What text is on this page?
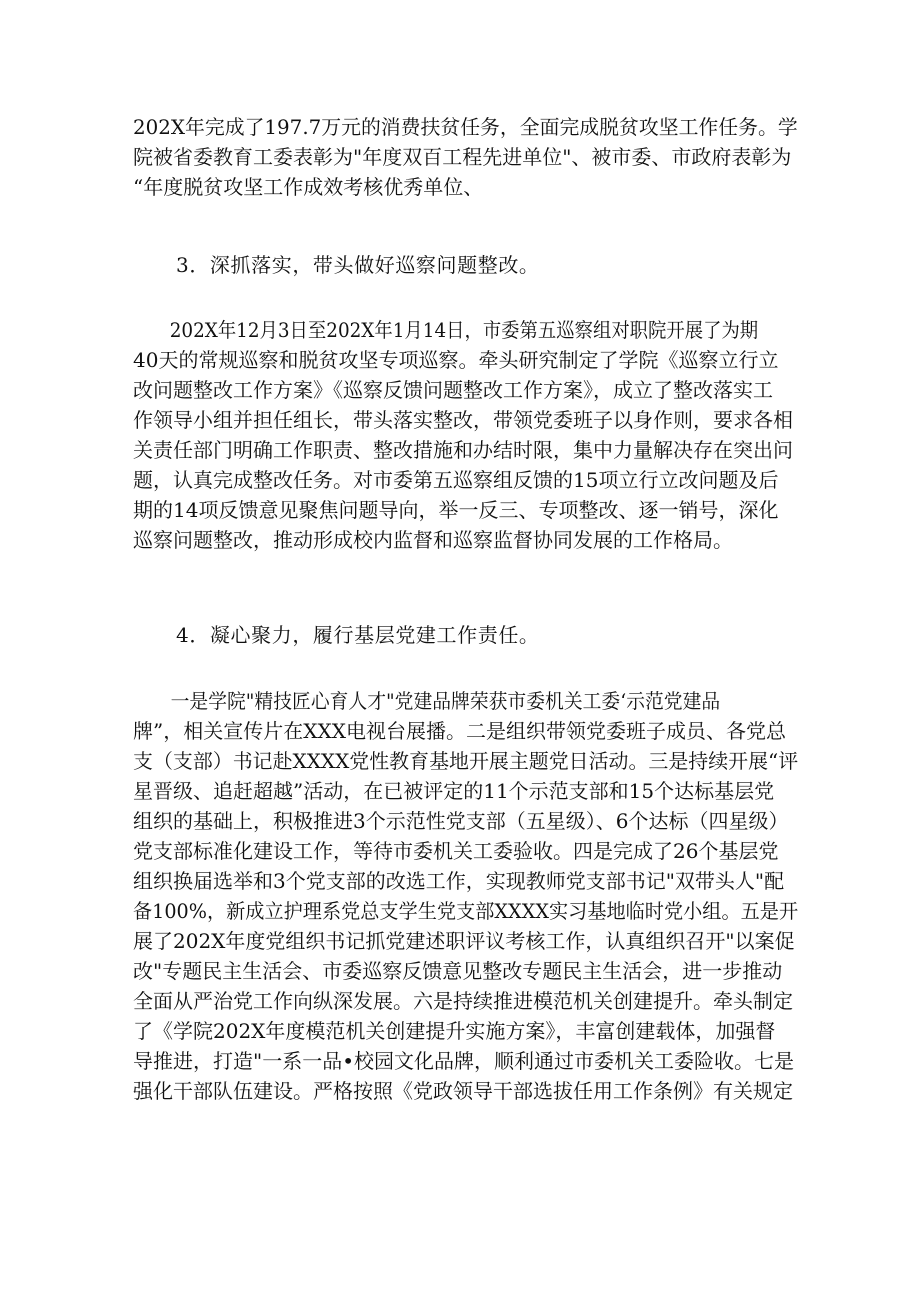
202X年完成了197.7万元的消费扶贫任务，全面完成脱贫攻坚工作任务。学
院被省委教育工委表彰为"年度双百工程先进单位"、被市委、市政府表彰为
“年度脱贫攻坚工作成效考核优秀单位、
3．深抓落实，带头做好巡察问题整改。
202X年12月3日至202X年1月14日，市委第五巡察组对职院开展了为期
40天的常规巡察和脱贫攻坚专项巡察。牵头研究制定了学院《巡察立行立
改问题整改工作方案》《巡察反馈问题整改工作方案》，成立了整改落实工
作领导小组并担任组长，带头落实整改，带领党委班子以身作则，要求各相
关责任部门明确工作职责、整改措施和办结时限，集中力量解决存在突出问
题，认真完成整改任务。对市委第五巡察组反馈的15项立行立改问题及后
期的14项反馈意见聚焦问题导向，举一反三、专项整改、逐一销号，深化
巡察问题整改，推动形成校内监督和巡察监督协同发展的工作格局。
4．凝心聚力，履行基层党建工作责任。
一是学院"精技匠心育人才"党建品牌荣获市委机关工委‘示范党建品
牌”，相关宣传片在XXX电视台展播。二是组织带领党委班子成员、各党总
支（支部）书记赴XXXX党性教育基地开展主题党日活动。三是持续开展“评
星晋级、追赶超越”活动，在已被评定的11个示范支部和15个达标基层党
组织的基础上，积极推进3个示范性党支部（五星级）、6个达标（四星级）
党支部标准化建设工作，等待市委机关工委验收。四是完成了26个基层党
组织换届选举和3个党支部的改选工作，实现教师党支部书记"双带头人"配
备100%，新成立护理系党总支学生党支部XXXX实习基地临时党小组。五是开
展了202X年度党组织书记抓党建述职评议考核工作，认真组织召开"以案促
改"专题民主生活会、市委巡察反馈意见整改专题民主生活会，进一步推动
全面从严治党工作向纵深发展。六是持续推进模范机关创建提升。牵头制定
了《学院202X年度模范机关创建提升实施方案》，丰富创建载体，加强督
导推进，打造"一系一品•校园文化品牌，顺利通过市委机关工委险收。七是
强化干部队伍建设。严格按照《党政领导干部选拔任用工作条例》有关规定
